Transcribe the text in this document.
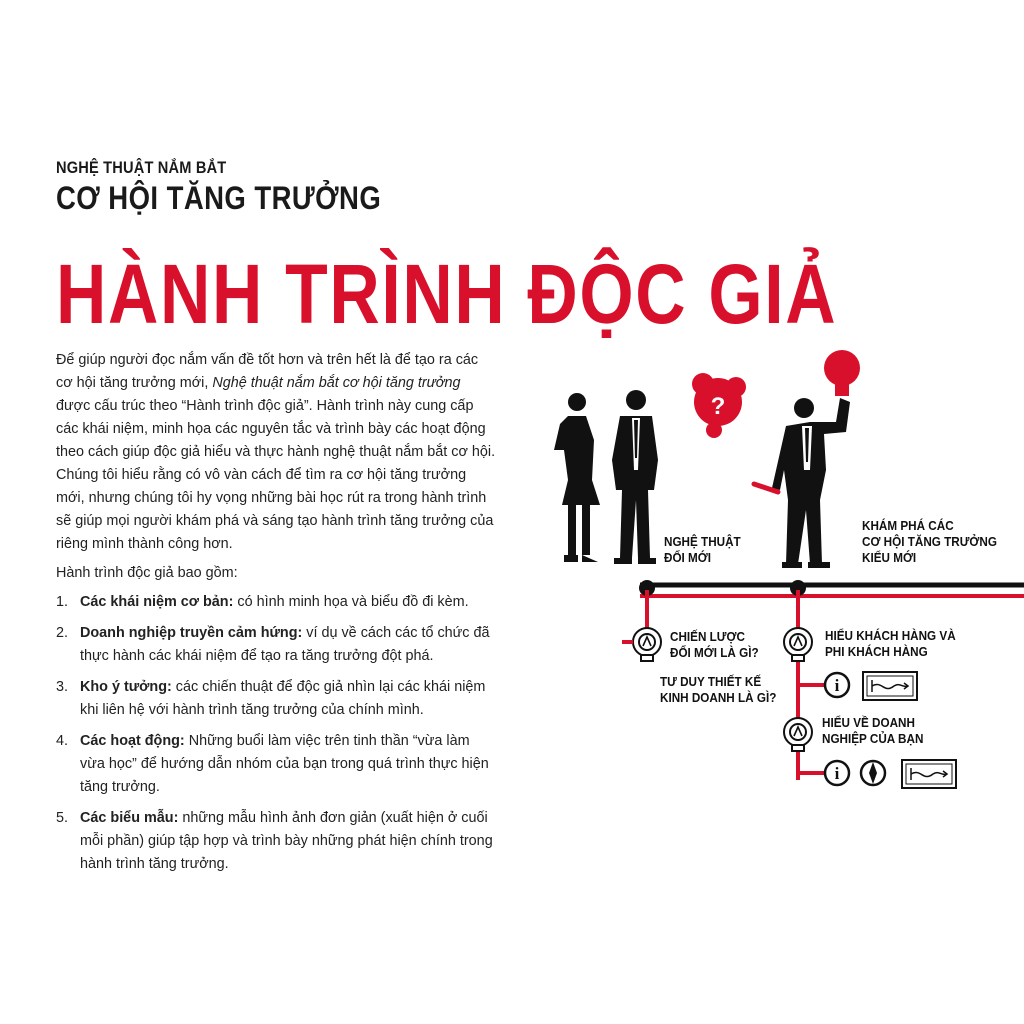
NGHỆ THUẬT NẮM BẮT
CƠ HỘI TĂNG TRƯỞNG
HÀNH TRÌNH ĐỘC GIẢ

Để giúp người đọc nắm vấn đề tốt hơn và trên hết là để tạo ra các cơ hội tăng trưởng mới, Nghệ thuật nắm bắt cơ hội tăng trưởng được cấu trúc theo “Hành trình độc giả”. Hành trình này cung cấp các khái niệm, minh họa các nguyên tắc và trình bày các hoạt động theo cách giúp độc giả hiểu và thực hành nghệ thuật nắm bắt cơ hội. Chúng tôi hiểu rằng có vô vàn cách để tìm ra cơ hội tăng trưởng mới, nhưng chúng tôi hy vọng những bài học rút ra trong hành trình sẽ giúp mọi người khám phá và sáng tạo hành trình tăng trưởng của riêng mình thành công hơn.

Hành trình độc giả bao gồm:

1. Các khái niệm cơ bản: có hình minh họa và biểu đồ đi kèm.
2. Doanh nghiệp truyền cảm hứng: ví dụ về cách các tổ chức đã thực hành các khái niệm để tạo ra tăng trưởng đột phá.
3. Kho ý tưởng: các chiến thuật để độc giả nhìn lại các khái niệm khi liên hệ với hành trình tăng trưởng của chính mình.
4. Các hoạt động: Những buổi làm việc trên tinh thần “vừa làm vừa học” để hướng dẫn nhóm của bạn trong quá trình thực hiện tăng trưởng.
5. Các biểu mẫu: những mẫu hình ảnh đơn giản (xuất hiện ở cuối mỗi phần) giúp tập hợp và trình bày những phát hiện chính trong hành trình tăng trưởng.
i
i
?
NGHỆ THUẬT
ĐỔI MỚI
KHÁM PHÁ CÁC
CƠ HỘI TĂNG TRƯỞNG
KIỂU MỚI
CHIẾN LƯỢC
ĐỔI MỚI LÀ GÌ?
TƯ DUY THIẾT KẾ
KINH DOANH LÀ GÌ?
HIỂU KHÁCH HÀNG VÀ
PHI KHÁCH HÀNG
HIỂU VỀ DOANH
NGHIỆP CỦA BẠN
